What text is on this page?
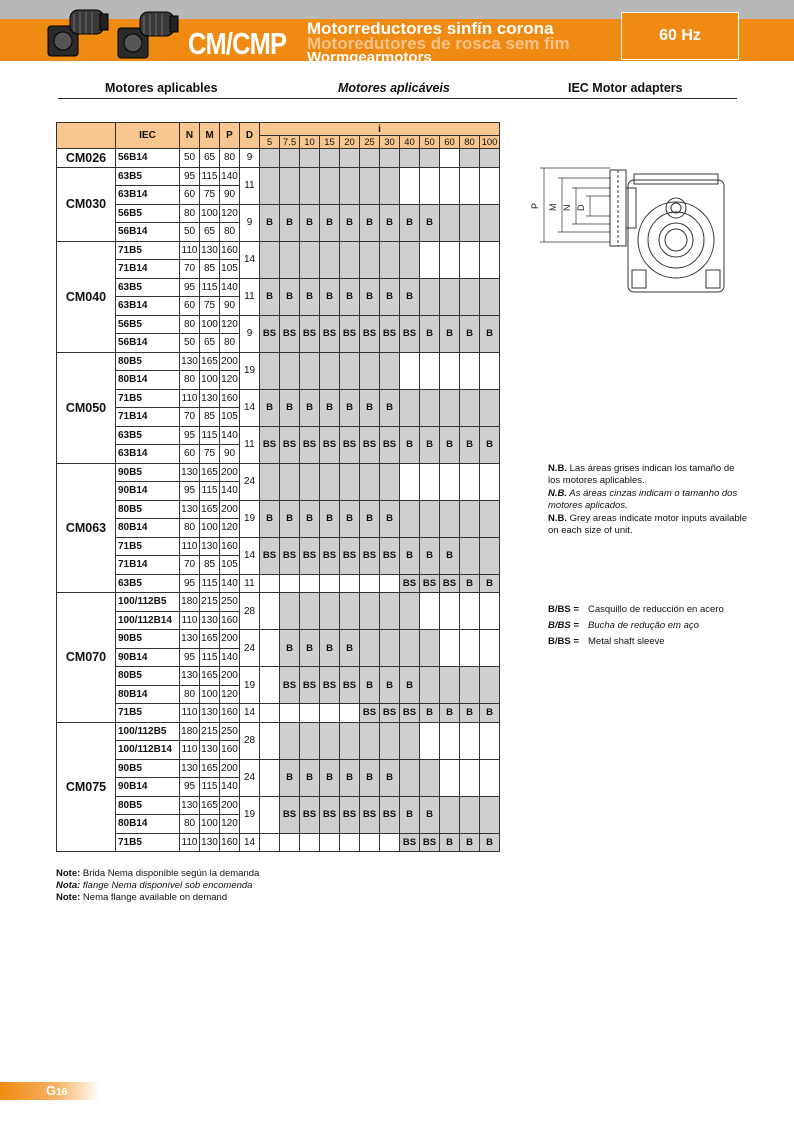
CM/CMP Motorreductores sinfín corona
Motoredutores de rosca sem fim
Wormgearmotors
60 Hz
Motores aplicables	Motores aplicáveis	IEC Motor adapters
	IEC	N	M	P	D	i											
						5	7.5	10	15	20	25	30	40	50	60	80	100
CM026	56B14	50	65	80	9												
CM030	63B5	95	115	140	11												
	63B14	60	75	90													
	56B5	80	100	120	9	B	B	B	B	B	B	B	B	B			
	56B14	50	65	80													
CM040	71B5	110	130	160	14												
	71B14	70	85	105													
	63B5	95	115	140	11	B	B	B	B	B	B	B	B				
	63B14	60	75	90													
	56B5	80	100	120	9	BS	BS	BS	BS	BS	BS	BS	BS	B	B	B	B
	56B14	50	65	80													
CM050	80B5	130	165	200	19												
	80B14	80	100	120													
	71B5	110	130	160	14	B	B	B	B	B	B	B					
	71B14	70	85	105													
	63B5	95	115	140	11	BS	BS	BS	BS	BS	BS	BS	B	B	B	B	B
	63B14	60	75	90													
CM063	90B5	130	165	200	24												
	90B14	95	115	140													
	80B5	130	165	200	19	B	B	B	B	B	B	B					
	80B14	80	100	120													
	71B5	110	130	160	14	BS	BS	BS	BS	BS	BS	BS	B	B	B		
	71B14	70	85	105													
	63B5	95	115	140	11								BS	BS	BS	B	B
CM070	100/112B5	180	215	250	28												
	100/112B14	110	130	160													
	90B5	130	165	200	24		B	B	B	B							
	90B14	95	115	140													
	80B5	130	165	200	19		BS	BS	BS	BS	B	B	B				
	80B14	80	100	120													
	71B5	110	130	160	14						BS	BS	BS	B	B	B	B
CM075	100/112B5	180	215	250	28												
	100/112B14	110	130	160													
	90B5	130	165	200	24		B	B	B	B	B	B					
	90B14	95	115	140													
	80B5	130	165	200	19		BS	BS	BS	BS	BS	BS	B	B			
	80B14	80	100	120													
	71B5	110	130	160	14								BS	BS	B	B	B
P M N D

N.B. Las áreas grises indican los tamaño de los motores aplicables.

N.B. As áreas cinzas indicam o tamanho dos motores aplicados.

N.B. Grey areas indicate motor inputs available on each size of unit.

B/BS = Casquillo de reducción en acero

B/BS = Bucha de redução em aço

B/BS = Metal shaft sleeve

Note: Brida Nema disponible según la demanda

Nota: flange Nema disponível sob encomenda

Note: Nema flange available on demand

G16
